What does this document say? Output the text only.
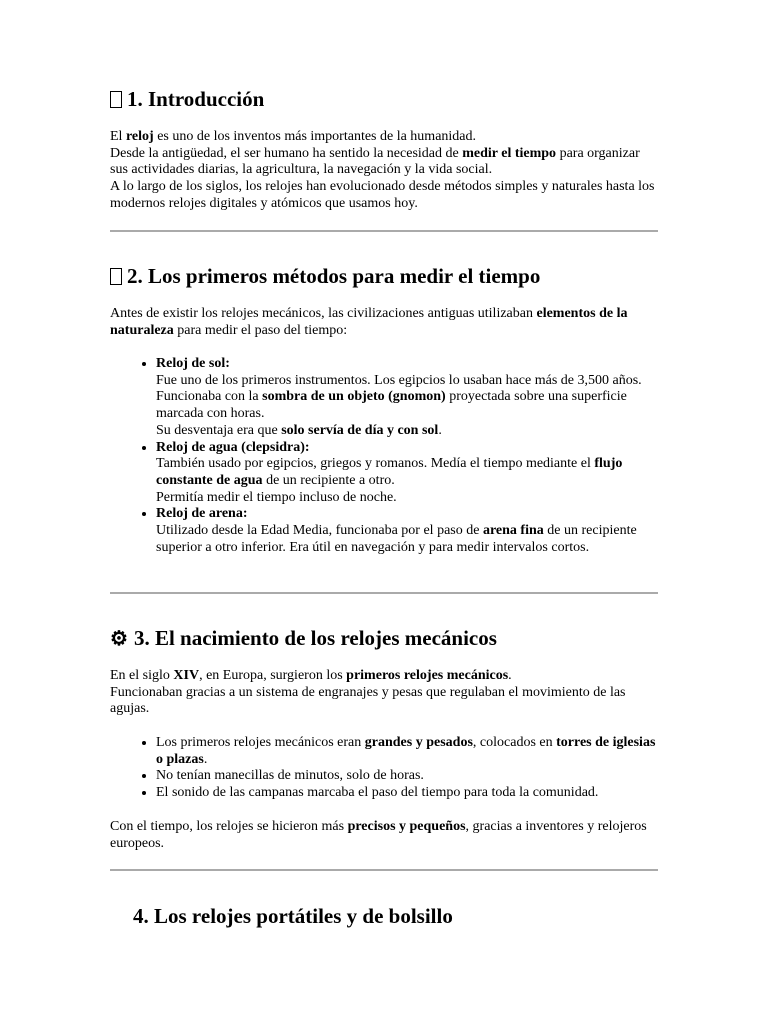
1. Introducción

El reloj es uno de los inventos más importantes de la humanidad.
Desde la antigüedad, el ser humano ha sentido la necesidad de medir el tiempo para organizar sus actividades diarias, la agricultura, la navegación y la vida social.
A lo largo de los siglos, los relojes han evolucionado desde métodos simples y naturales hasta los modernos relojes digitales y atómicos que usamos hoy.

2. Los primeros métodos para medir el tiempo

Antes de existir los relojes mecánicos, las civilizaciones antiguas utilizaban elementos de la naturaleza para medir el paso del tiempo:

• Reloj de sol:
Fue uno de los primeros instrumentos. Los egipcios lo usaban hace más de 3,500 años. Funcionaba con la sombra de un objeto (gnomon) proyectada sobre una superficie marcada con horas.
Su desventaja era que solo servía de día y con sol.
• Reloj de agua (clepsidra):
También usado por egipcios, griegos y romanos. Medía el tiempo mediante el flujo constante de agua de un recipiente a otro.
Permitía medir el tiempo incluso de noche.
• Reloj de arena:
Utilizado desde la Edad Media, funcionaba por el paso de arena fina de un recipiente superior a otro inferior. Era útil en navegación y para medir intervalos cortos.
⚙ 3. El nacimiento de los relojes mecánicos

En el siglo XIV, en Europa, surgieron los primeros relojes mecánicos.
Funcionaban gracias a un sistema de engranajes y pesas que regulaban el movimiento de las agujas.

• Los primeros relojes mecánicos eran grandes y pesados, colocados en torres de iglesias o plazas.
• No tenían manecillas de minutos, solo de horas.
• El sonido de las campanas marcaba el paso del tiempo para toda la comunidad.

Con el tiempo, los relojes se hicieron más precisos y pequeños, gracias a inventores y relojeros europeos.

4. Los relojes portátiles y de bolsillo
